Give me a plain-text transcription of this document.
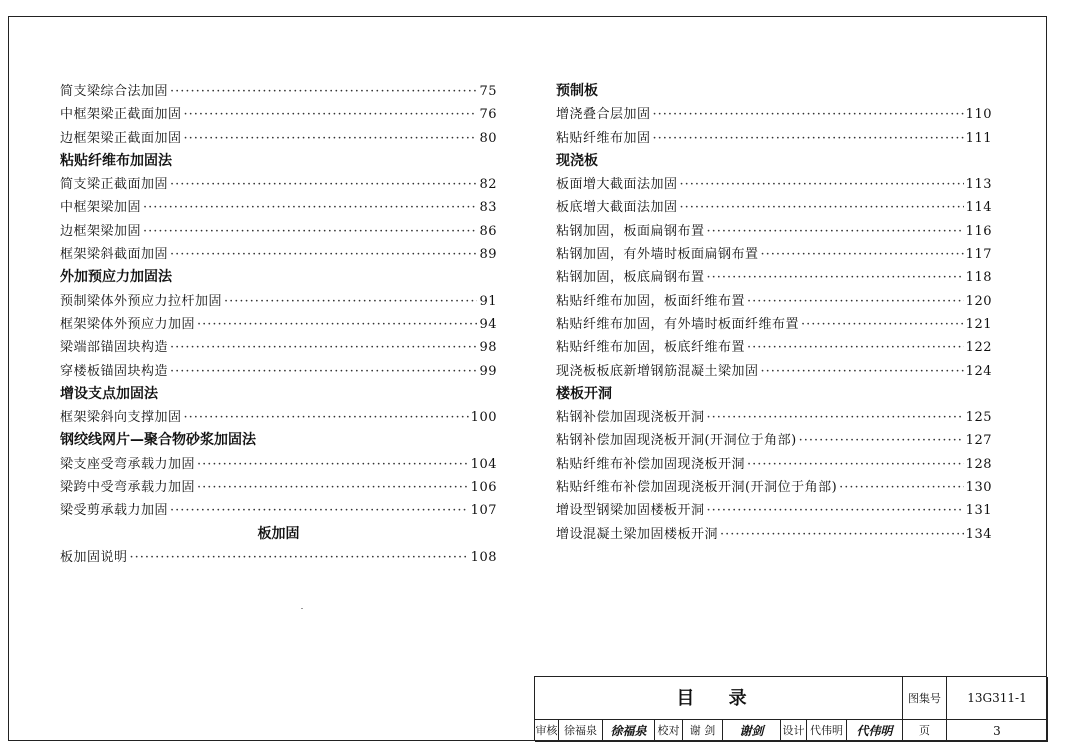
简支梁综合法加固 ·····	75
中框架梁正截面加固 ·····	76
边框架梁正截面加固 ·····	80
粘贴纤维布加固法
简支梁正截面加固 ·····	82
中框架梁加固 ·····	83
边框架梁加固 ·····	86
框架梁斜截面加固 ·····	89
外加预应力加固法
预制梁体外预应力拉杆加固 ·····	91
框架梁体外预应力加固 ·····	94
梁端部锚固块构造 ·····	98
穿楼板锚固块构造 ·····	99
增设支点加固法
框架梁斜向支撑加固 ·····	100
钢绞线网片—聚合物砂浆加固法
梁支座受弯承载力加固 ·····	104
梁跨中受弯承载力加固 ·····	106
梁受剪承载力加固 ·····	107
板加固
板加固说明 ·····	108
预制板
增浇叠合层加固 ·····	110
粘贴纤维布加固 ·····	111
现浇板
板面增大截面法加固 ·····	113
板底增大截面法加固 ·····	114
粘钢加固，板面扁钢布置 ·····	116
粘钢加固，有外墙时板面扁钢布置 ·····	117
粘钢加固，板底扁钢布置 ·····	118
粘贴纤维布加固，板面纤维布置 ·····	120
粘贴纤维布加固，有外墙时板面纤维布置 ·····	121
粘贴纤维布加固，板底纤维布置 ·····	122
现浇板板底新增钢筋混凝土梁加固 ·····	124
楼板开洞
粘钢补偿加固现浇板开洞 ·····	125
粘钢补偿加固现浇板开洞(开洞位于角部) ·····	127
粘贴纤维布补偿加固现浇板开洞 ·····	128
粘贴纤维布补偿加固现浇板开洞(开洞位于角部) ·····	130
增设型钢梁加固楼板开洞 ·····	131
增设混凝土梁加固楼板开洞 ·····	134
目 录	图集号	13G311-1
审核 徐福泉	徐福泉	校对 谢 剑	谢剑	设计 代伟明	代伟明	页	3
